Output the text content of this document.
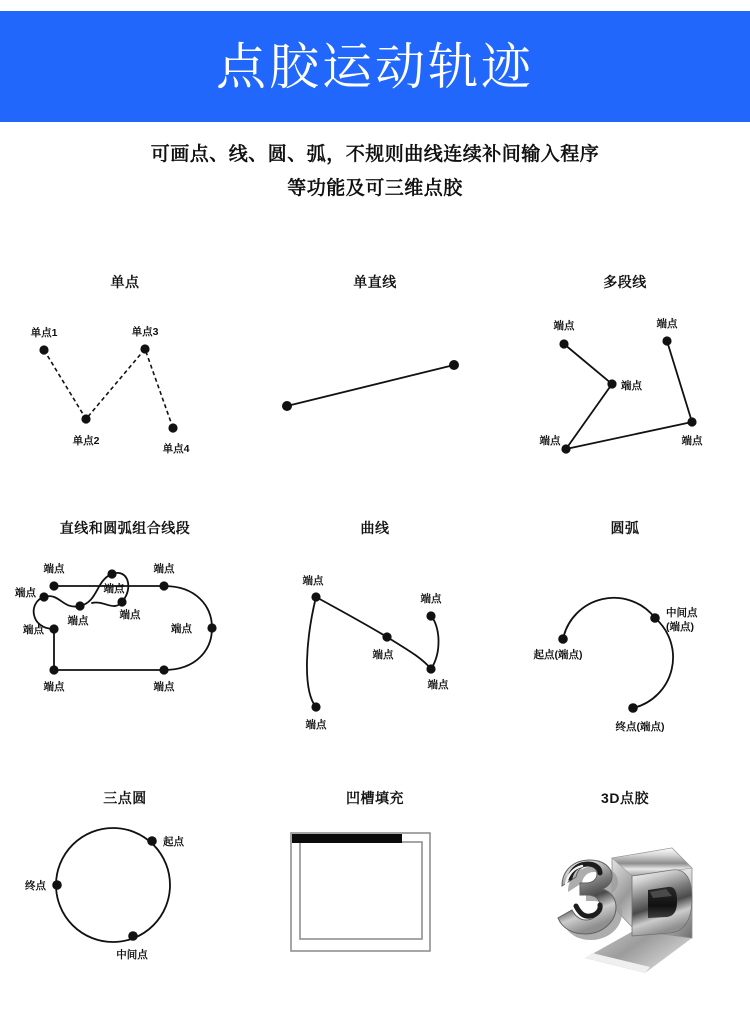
点胶运动轨迹
可画点、线、圆、弧，不规则曲线连续补间输入程序
等功能及可三维点胶
单点
单点1
单点2
单点3
单点4
单直线	多段线
端点
端点
端点	端点
端点
直线和圆弧组合线段
端点	端点
端点
端点
端点
端点
端点
端点
端点
端点
曲线
端点
端点
端点
端点
端点
圆弧
起点(端点)
中间点
(端点)
终点(端点)
三点圆
起点
终点
中间点
凹槽填充	3D点胶
